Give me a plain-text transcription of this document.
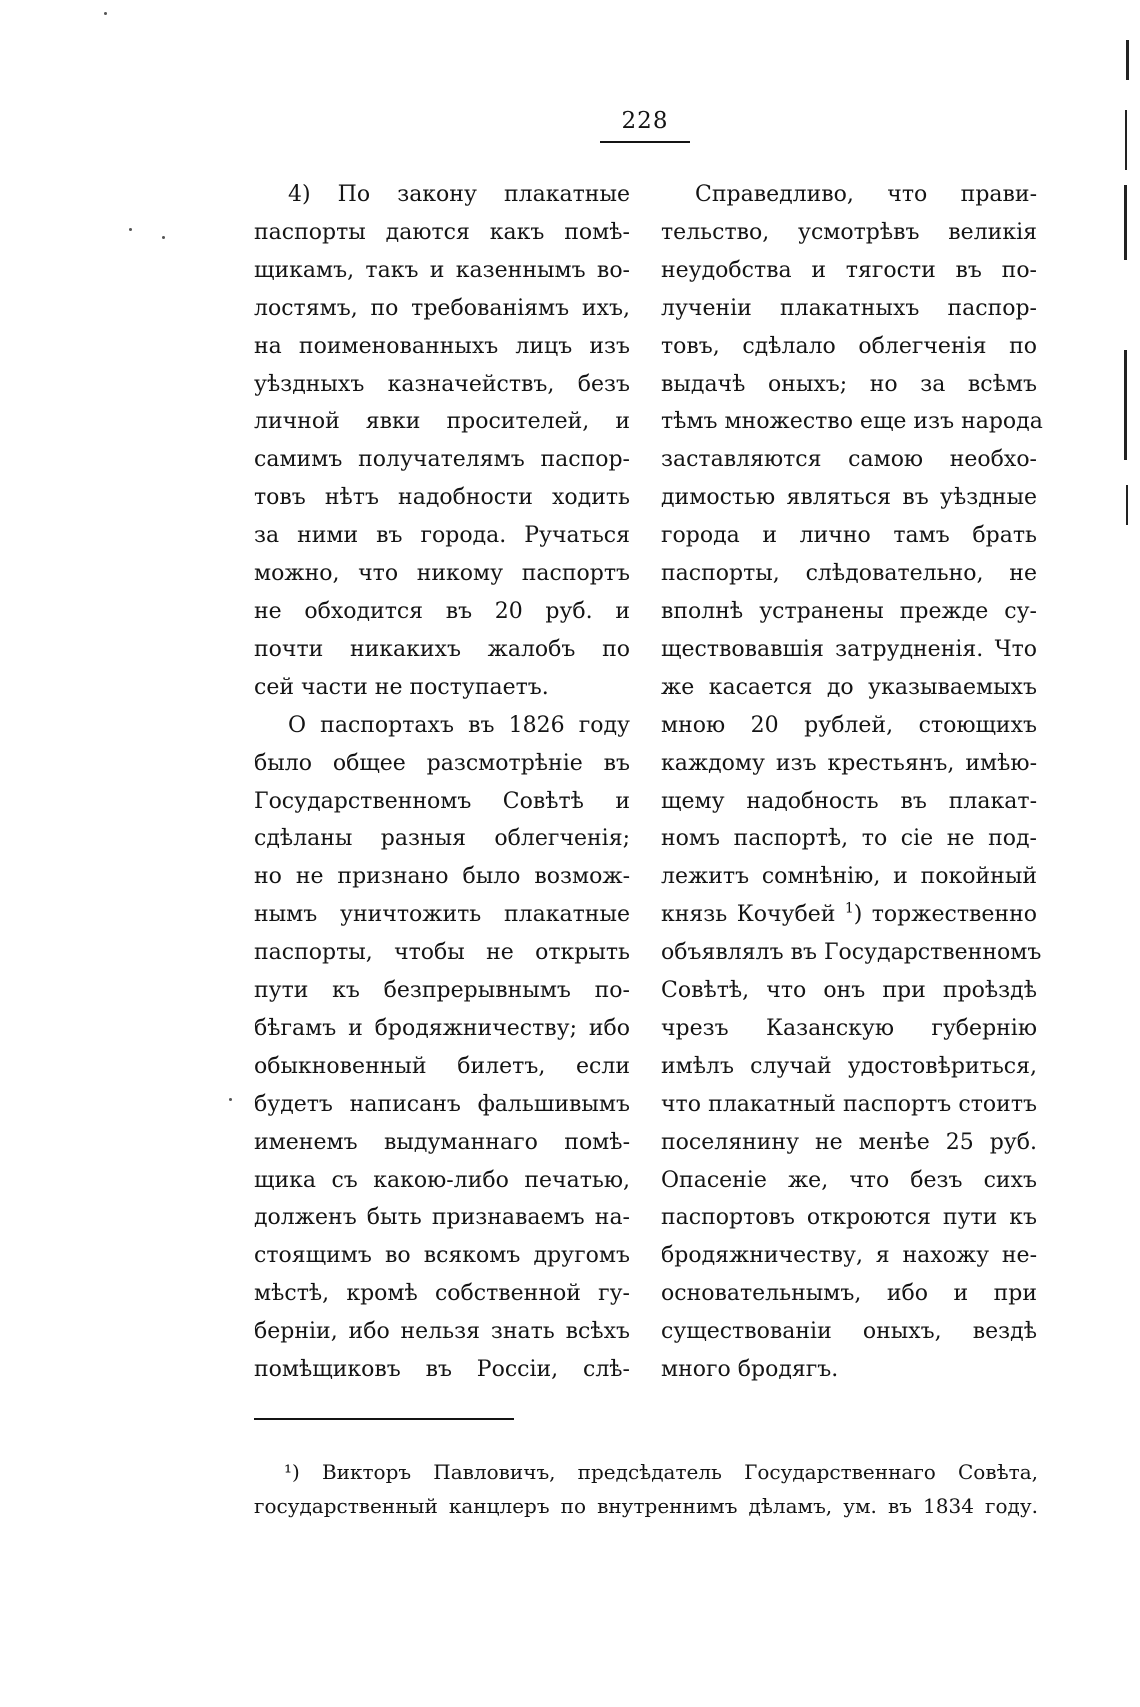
228
4) По закону плакатные
паспорты даются какъ помѣ-
щикамъ, такъ и казеннымъ во-
лостямъ, по требованіямъ ихъ,
на поименованныхъ лицъ изъ
уѣздныхъ казначействъ, безъ
личной явки просителей, и
самимъ получателямъ паспор-
товъ нѣтъ надобности ходить
за ними въ города. Ручаться
можно, что никому паспортъ
не обходится въ 20 руб. и
почти никакихъ жалобъ по
сей части не поступаетъ.
О паспортахъ въ 1826 году
было общее разсмотрѣніе въ
Государственномъ Совѣтѣ и
сдѣланы разныя облегченія;
но не признано было возмож-
нымъ уничтожить плакатные
паспорты, чтобы не открыть
пути къ безпрерывнымъ по-
бѣгамъ и бродяжничеству; ибо
обыкновенный билетъ, если
будетъ написанъ фальшивымъ
именемъ выдуманнаго помѣ-
щика съ какою-либо печатью,
долженъ быть признаваемъ на-
стоящимъ во всякомъ другомъ
мѣстѣ, кромѣ собственной гу-
берніи, ибо нельзя знать всѣхъ
помѣщиковъ въ Россіи, слѣ-
Справедливо, что прави-
тельство, усмотрѣвъ великія
неудобства и тягости въ по-
лученіи плакатныхъ паспор-
товъ, сдѣлало облегченія по
выдачѣ оныхъ; но за всѣмъ
тѣмъ множество еще изъ народа
заставляются самою необхо-
димостью являться въ уѣздные
города и лично тамъ брать
паспорты, слѣдовательно, не
вполнѣ устранены прежде су-
ществовавшія затрудненія. Что
же касается до указываемыхъ
мною 20 рублей, стоющихъ
каждому изъ крестьянъ, имѣю-
щему надобность въ плакат-
номъ паспортѣ, то сіе не под-
лежитъ сомнѣнію, и покойный
князь Кочубей $^1$) торжественно
объявлялъ въ Государственномъ
Совѣтѣ, что онъ при проѣздѣ
чрезъ Казанскую губернію
имѣлъ случай удостовѣриться,
что плакатный паспортъ стоитъ
поселянину не менѣе 25 руб.
Опасеніе же, что безъ сихъ
паспортовъ откроются пути къ
бродяжничеству, я нахожу не-
основательнымъ, ибо и при
существованіи оныхъ, вездѣ
много бродягъ.
¹) Викторъ Павловичъ, предсѣдатель Государственнаго Совѣта,
государственный канцлеръ по внутреннимъ дѣламъ, ум. въ 1834 году.
